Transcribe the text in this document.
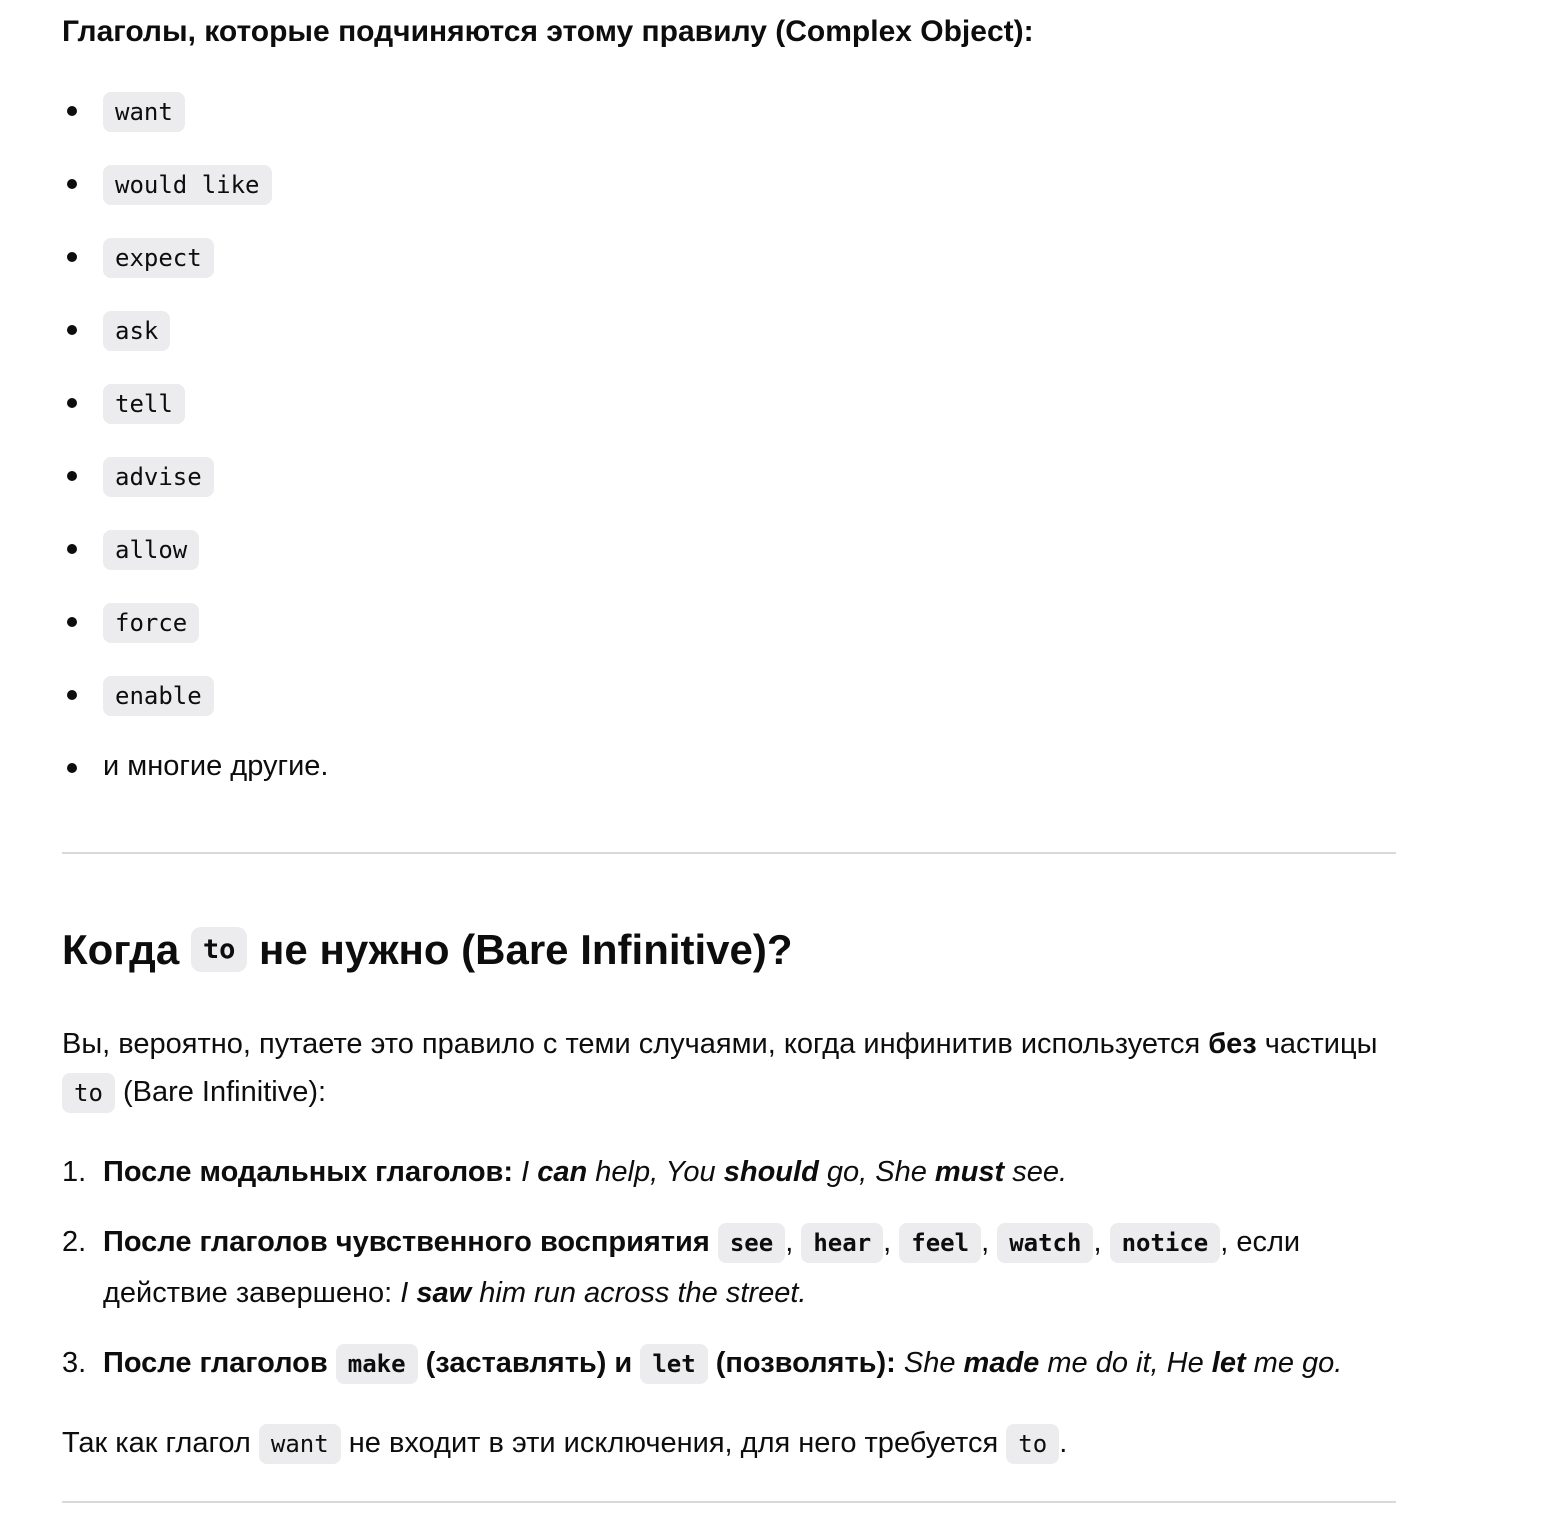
Глаголы, которые подчиняются этому правилу (Complex Object):
want
would like
expect
ask
tell
advise
allow
force
enable
и многие другие.
Когда to не нужно (Bare Infinitive)?

Вы, вероятно, путаете это правило с теми случаями, когда инфинитив используется без частицы to (Bare Infinitive):

1. После модальных глаголов: I can help, You should go, She must see.
2. После глаголов чувственного восприятия see , hear , feel , watch , notice , если действие завершено: I saw him run across the street.
3. После глаголов make (заставлять) и let (позволять): She made me do it, He let me go.

Так как глагол want не входит в эти исключения, для него требуется to .
